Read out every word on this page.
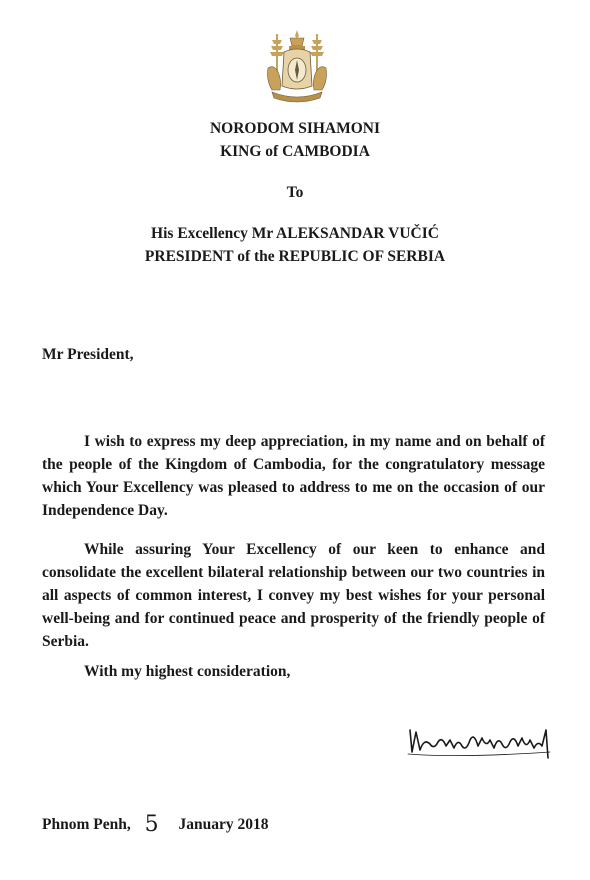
NORODOM SIHAMONI
KING of CAMBODIA
To
His Excellency Mr ALEKSANDAR VUČIĆ
PRESIDENT of the REPUBLIC OF SERBIA
Mr President,

I wish to express my deep appreciation, in my name and on behalf of the people of the Kingdom of Cambodia, for the congratulatory message which Your Excellency was pleased to address to me on the occasion of our Independence Day.

While assuring Your Excellency of our keen to enhance and consolidate the excellent bilateral relationship between our two countries in all aspects of common interest, I convey my best wishes for your personal well-being and for continued peace and prosperity of the friendly people of Serbia.

With my highest consideration,
Phnom Penh, 5 January 2018
